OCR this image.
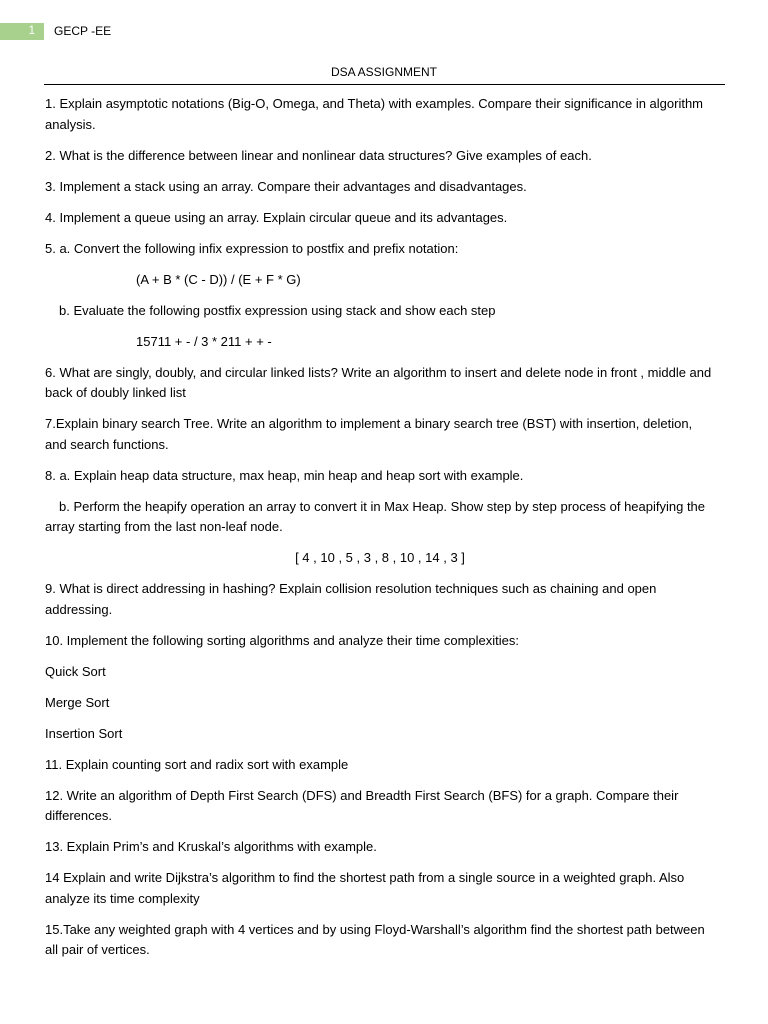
1	GECP -EE
DSA ASSIGNMENT

1. Explain asymptotic notations (Big-O, Omega, and Theta) with examples. Compare their significance in algorithm analysis.

2. What is the difference between linear and nonlinear data structures? Give examples of each.

3. Implement a stack using an array. Compare their advantages and disadvantages.

4. Implement a queue using an array. Explain circular queue and its advantages.

5. a. Convert the following infix expression to postfix and prefix notation:

(A + B * (C - D)) / (E + F * G)

b. Evaluate the following postfix expression using stack and show each step

15711 + - / 3 * 211 + + -

6. What are singly, doubly, and circular linked lists? Write an algorithm to insert and delete node in front , middle and back of doubly linked list

7.Explain binary search Tree. Write an algorithm to implement a binary search tree (BST) with insertion, deletion, and search functions.

8. a. Explain heap data structure, max heap, min heap and heap sort with example.

b. Perform the heapify operation an array to convert it in Max Heap. Show step by step process of heapifying the array starting from the last non-leaf node.

[ 4 , 10 , 5 , 3 , 8 , 10 , 14 , 3 ]

9. What is direct addressing in hashing? Explain collision resolution techniques such as chaining and open addressing.

10. Implement the following sorting algorithms and analyze their time complexities:

Quick Sort

Merge Sort

Insertion Sort

11. Explain counting sort and radix sort with example

12. Write an algorithm of Depth First Search (DFS) and Breadth First Search (BFS) for a graph. Compare their differences.

13. Explain Prim’s and Kruskal’s algorithms with example.

14 Explain and write Dijkstra’s algorithm to find the shortest path from a single source in a weighted graph. Also analyze its time complexity

15.Take any weighted graph with 4 vertices and by using Floyd-Warshall’s algorithm find the shortest path between all pair of vertices.
